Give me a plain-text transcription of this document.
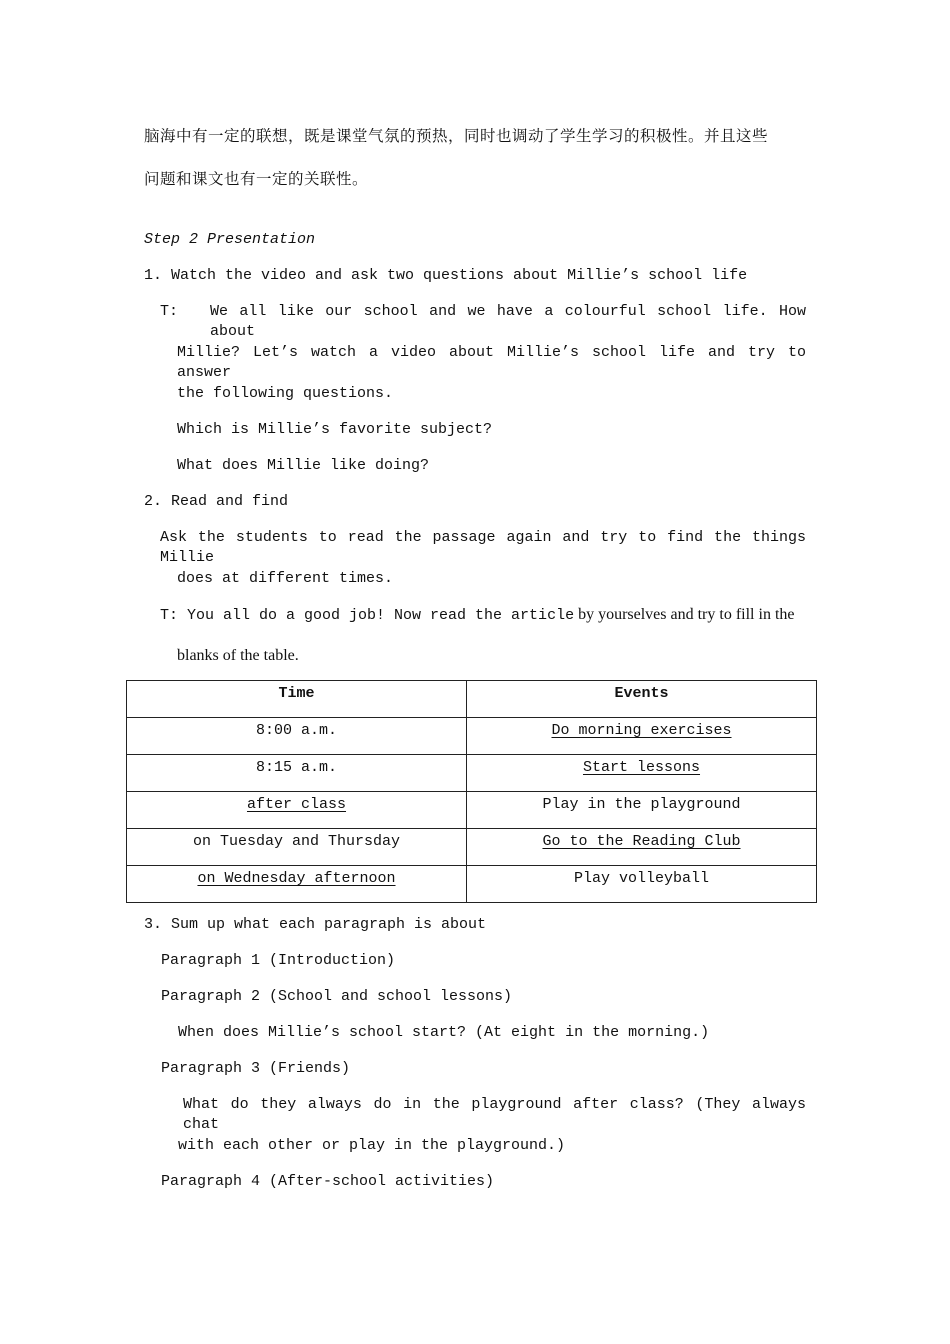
脑海中有一定的联想，既是课堂气氛的预热，同时也调动了学生学习的积极性。并且这些
问题和课文也有一定的关联性。
Step 2 Presentation
1. Watch the video and ask two questions about Millie’s school life
T: We all like our school and we have a colourful school life. How about
Millie? Let’s watch a video about Millie’s school life and try to answer
the following questions.
Which is Millie’s favorite subject?
What does Millie like doing?
2. Read and find
Ask the students to read the passage again and try to find the things Millie
does at different times.
T: You all do a good job! Now read the article by yourselves and try to fill in the
blanks of the table.
Time	Events
8:00 a.m.	Do morning exercises
8:15 a.m.	Start lessons
after class	Play in the playground
on Tuesday and Thursday	Go to the Reading Club
on Wednesday afternoon	Play volleyball
3. Sum up what each paragraph is about
Paragraph 1 (Introduction)
Paragraph 2 (School and school lessons)
When does Millie’s school start? (At eight in the morning.)
Paragraph 3 (Friends)
What do they always do in the playground after class? (They always chat
with each other or play in the playground.)
Paragraph 4 (After-school activities)
